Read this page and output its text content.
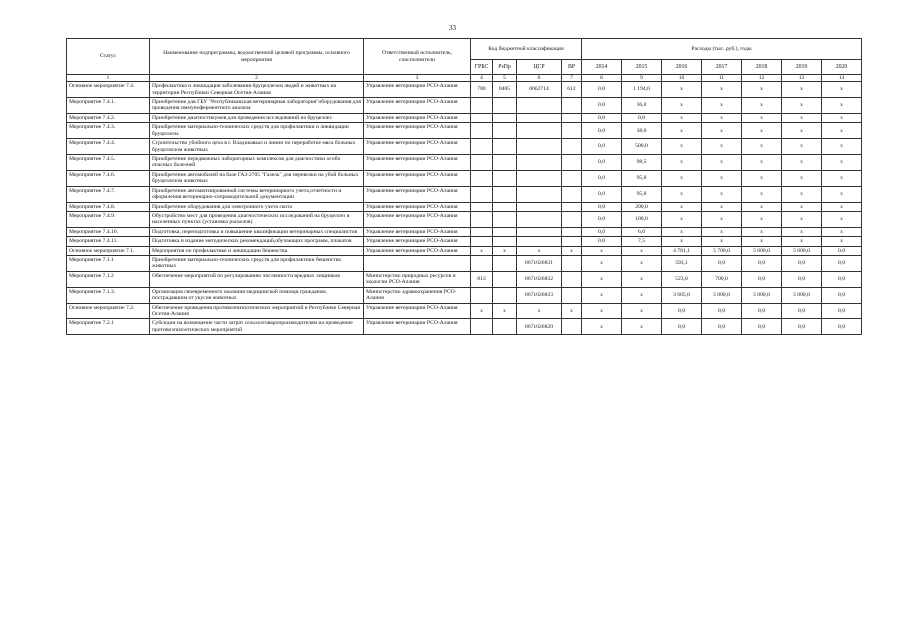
33
Статус	Наименование подпрограммы, ведомственной целевой программы, основного мероприятия	Ответственный исполнитель, соисполнители	Код бюджетной классификации				Расходы (тыс. руб.), годы						
			ГРБС	РзПр	ЦСР	ВР	2014	2015	2016	2017	2018	2019	2020
1	2	3	4	5	6	7	8	9	10	11	12	13	14
Основное мероприятие 7.4.	Профилактика и ликвидация заболевания бруцеллезом людей и животных на территории Республики Северная Осетия-Алания	Управление ветеринарии РСО-Алания	780	0405	0662714	612	0,0	1 194,0	x	x	x	x	x
Мероприятие 7.4.1.	Приобретение для ГБУ "Республиканская ветеринарная лаборатория"оборудования для проведения иммуноферментного анализа	Управление ветеринарии РСО-Алания					0,0	36,0	x	x	x	x	x
Мероприятие 7.4.2.	Приобретение диагностикумов для проведения исследований на бруцеллез	Управление ветеринарии РСО-Алания					0,0	0,0	x	x	x	x	x
Мероприятие 7.4.3.	Приобретение материально-технических средств для профилактики и ликвидации бруцеллеза	Управление ветеринарии РСО-Алания					0,0	38,0	x	x	x	x	x
Мероприятие 7.4.4.	Строительство убойного цеха в г. Владикавказ и линии по переработке мяса больных бруцеллезом животных	Управление ветеринарии РСО-Алания					0,0	500,0	x	x	x	x	x
Мероприятие 7.4.5.	Приобретение передвижных лабораторных комплексов для диагностики особо опасных болезней	Управление ветеринарии РСО-Алания					0,0	98,5	x	x	x	x	x
Мероприятие 7.4.6.	Приобретение автомобилей на базе ГАЗ-2705 "Газель" для перевозки на убой больных бруцеллезом животных	Управление ветеринарии РСО-Алания					0,0	95,0	x	x	x	x	x
Мероприятие 7.4.7.	Приобретение автоматизированной системы ветеринарного учета,отчетности и оформления ветеринарно-сопроводительной документации	Управление ветеринарии РСО-Алания					0,0	95,0	x	x	x	x	x
Мероприятие 7.4.8.	Приобретение оборудования для электронного учета скота	Управление ветеринарии РСО-Алания					0,0	200,0	x	x	x	x	x
Мероприятие 7.4.9.	Обустройство мест для проведения диагностических исследований на бруцеллез в населенных пунктах (установка расколов)	Управление ветеринарии РСО-Алания					0,0	100,0	x	x	x	x	x
Мероприятие 7.4.10.	Подготовка, переподготовка и повышение квалификации ветеринарных специалистов	Управление ветеринарии РСО-Алания					0,0	6,0	x	x	x	x	x
Мероприятие 7.4.11.	Подготовка и издание методических рекомендаций,обучающих программ, плакатов	Управление ветеринарии РСО-Алания					0,0	7,5	x	x	x	x	x
Основное мероприятие 7.1.	Мероприятия по профилактике и ликвидации бешенства	Управление ветеринарии РСО-Алания	x	x	x	x	x	x	4 781,1	5 700,0	5 000,0	5 000,0	0,0
Мероприятие 7.1.1	Приобретение материально-технических средств для профилактики бешенства животных				0671026831		x	x	593,1	0,0	0,0	0,0	0,0
Мероприятие 7.1.2	Обеспечение мероприятий по регулированию численности вредных хищников	Министерство природных ресурсов и экологии РСО-Алания	813		0671026832		x	x	523,0	700,0	0,0	0,0	0,0
Мероприятие 7.1.3.	Организация своевременного оказания медицинской помощи гражданам, пострадавшим от укусов животных	Министерство здравоохранения РСО-Алания			0671026833		x	x	3 665,0	5 000,0	5 000,0	5 000,0	0,0
Основное мероприятие 7.2.	Обеспечение проведения противоэпизоотических мероприятий в Республике Северная Осетия-Алания	Управление ветеринарии РСО-Алания	x	x	x	x	x	x	0,0	0,0	0,0	0,0	0,0
Мероприятие 7.2.1	Субсидии на возмещение части затрат сельхозтоваропроизводителям на проведение противоэпизоотических мероприятий	Управление ветеринарии РСО-Алания			0671026820		x	x	0,0	0,0	0,0	0,0	0,0
